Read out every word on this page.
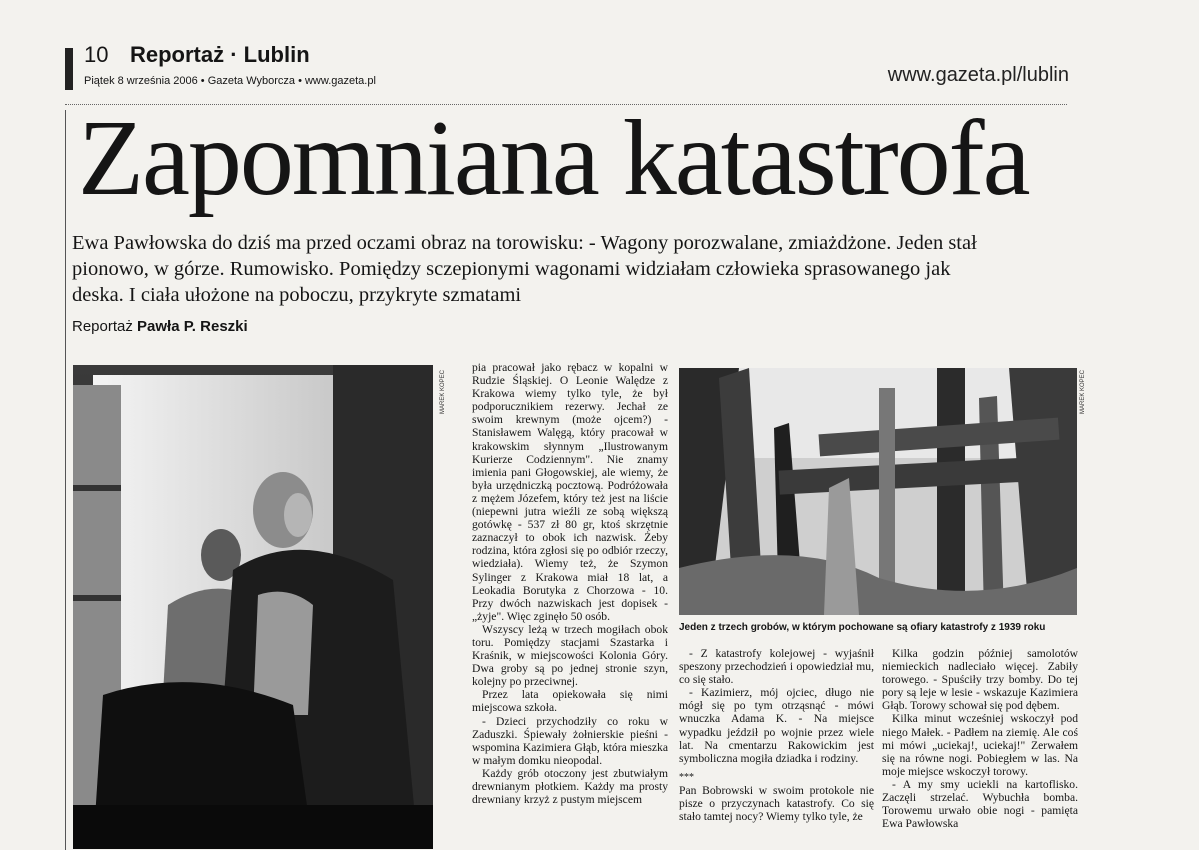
10 Reportaż · Lublin
Piątek 8 września 2006 • Gazeta Wyborcza • www.gazeta.pl	www.gazeta.pl/lublin
Zapomniana katastrofa

Ewa Pawłowska do dziś ma przed oczami obraz na torowisku: - Wagony porozwalane, zmiażdżone. Jeden stał pionowo, w górze. Rumowisko. Pomiędzy sczepionymi wagonami widziałam człowieka sprasowanego jak deska. I ciała ułożone na poboczu, przykryte szmatami

Reportaż Pawła P. Reszki
MAREK KOPEĆ

pia pracował jako rębacz w kopalni w Rudzie Śląskiej. O Leonie Walędze z Krakowa wiemy tylko tyle, że był podporucznikiem rezerwy. Jechał ze swoim krewnym (może ojcem?) - Stanisławem Walęgą, który pracował w krakowskim słynnym „Ilustrowanym Kurierze Codziennym". Nie znamy imienia pani Głogowskiej, ale wiemy, że była urzędniczką pocztową. Podróżowała z mężem Józefem, który też jest na liście (niepewni jutra wieźli ze sobą większą gotówkę - 537 zł 80 gr, ktoś skrzętnie zaznaczył to obok ich nazwisk. Żeby rodzina, która zgłosi się po odbiór rzeczy, wiedziała). Wiemy też, że Szymon Sylinger z Krakowa miał 18 lat, a Leokadia Borutyka z Chorzowa - 10. Przy dwóch nazwiskach jest dopisek - „żyje". Więc zginęło 50 osób.

Wszyscy leżą w trzech mogiłach obok toru. Pomiędzy stacjami Szastarka i Kraśnik, w miejscowości Kolonia Góry. Dwa groby są po jednej stronie szyn, kolejny po przeciwnej.

Przez lata opiekowała się nimi miejscowa szkoła.

- Dzieci przychodziły co roku w Zaduszki. Śpiewały żołnierskie pieśni - wspomina Kazimiera Głąb, która mieszka w małym domku nieopodal.

Każdy grób otoczony jest zbutwiałym drewnianym płotkiem. Każdy ma prosty drewniany krzyż z pustym miejscem

MAREK KOPEĆ
Jeden z trzech grobów, w którym pochowane są ofiary katastrofy z 1939 roku

- Z katastrofy kolejowej - wyjaśnił speszony przechodzień i opowiedział mu, co się stało.

- Kazimierz, mój ojciec, długo nie mógł się po tym otrząsnąć - mówi wnuczka Adama K. - Na miejsce wypadku jeździł po wojnie przez wiele lat. Na cmentarzu Rakowickim jest symboliczna mogiła dziadka i rodziny.

***

Pan Bobrowski w swoim protokole nie pisze o przyczynach katastrofy. Co się stało tamtej nocy? Wiemy tylko tyle, że

Kilka godzin później samolotów niemieckich nadleciało więcej. Zabiły torowego. - Spuściły trzy bomby. Do tej pory są leje w lesie - wskazuje Kazimiera Głąb. Torowy schował się pod dębem.

Kilka minut wcześniej wskoczył pod niego Małek. - Padłem na ziemię. Ale coś mi mówi „uciekaj!, uciekaj!" Zerwałem się na równe nogi. Pobiegłem w las. Na moje miejsce wskoczył torowy.

- A my smy uciekli na kartoflisko. Zaczęli strzelać. Wybuchła bomba. Torowemu urwało obie nogi - pamięta Ewa Pawłowska
